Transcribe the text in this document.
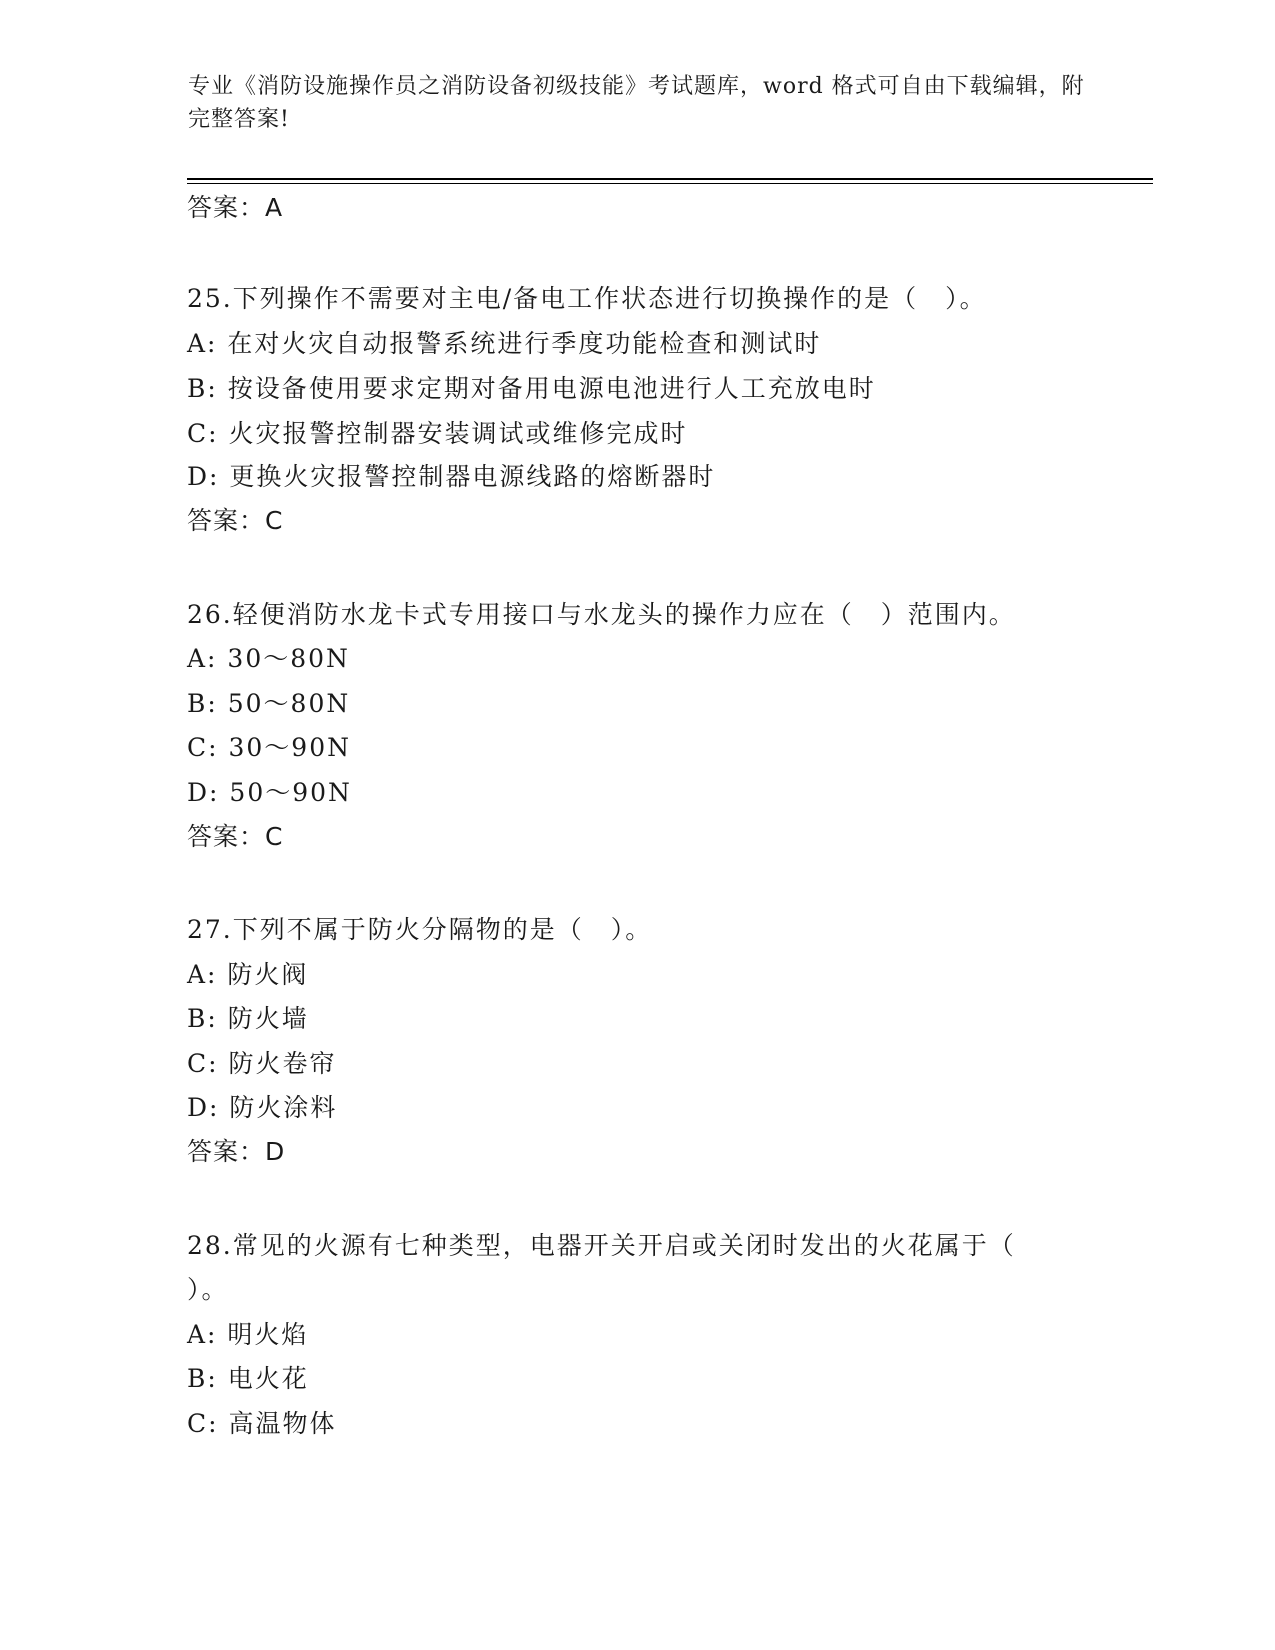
专业《消防设施操作员之消防设备初级技能》考试题库，word 格式可自由下载编辑，附完整答案!
答案：A
25.下列操作不需要对主电/备电工作状态进行切换操作的是（　）。
A: 在对火灾自动报警系统进行季度功能检查和测试时
B: 按设备使用要求定期对备用电源电池进行人工充放电时
C: 火灾报警控制器安装调试或维修完成时
D: 更换火灾报警控制器电源线路的熔断器时
答案：C
26.轻便消防水龙卡式专用接口与水龙头的操作力应在（　）范围内。
A: 30～80N
B: 50～80N
C: 30～90N
D: 50～90N
答案：C
27.下列不属于防火分隔物的是（　）。
A: 防火阀
B: 防火墙
C: 防火卷帘
D: 防火涂料
答案：D
28.常见的火源有七种类型，电器开关开启或关闭时发出的火花属于（
）。
A: 明火焰
B: 电火花
C: 高温物体
